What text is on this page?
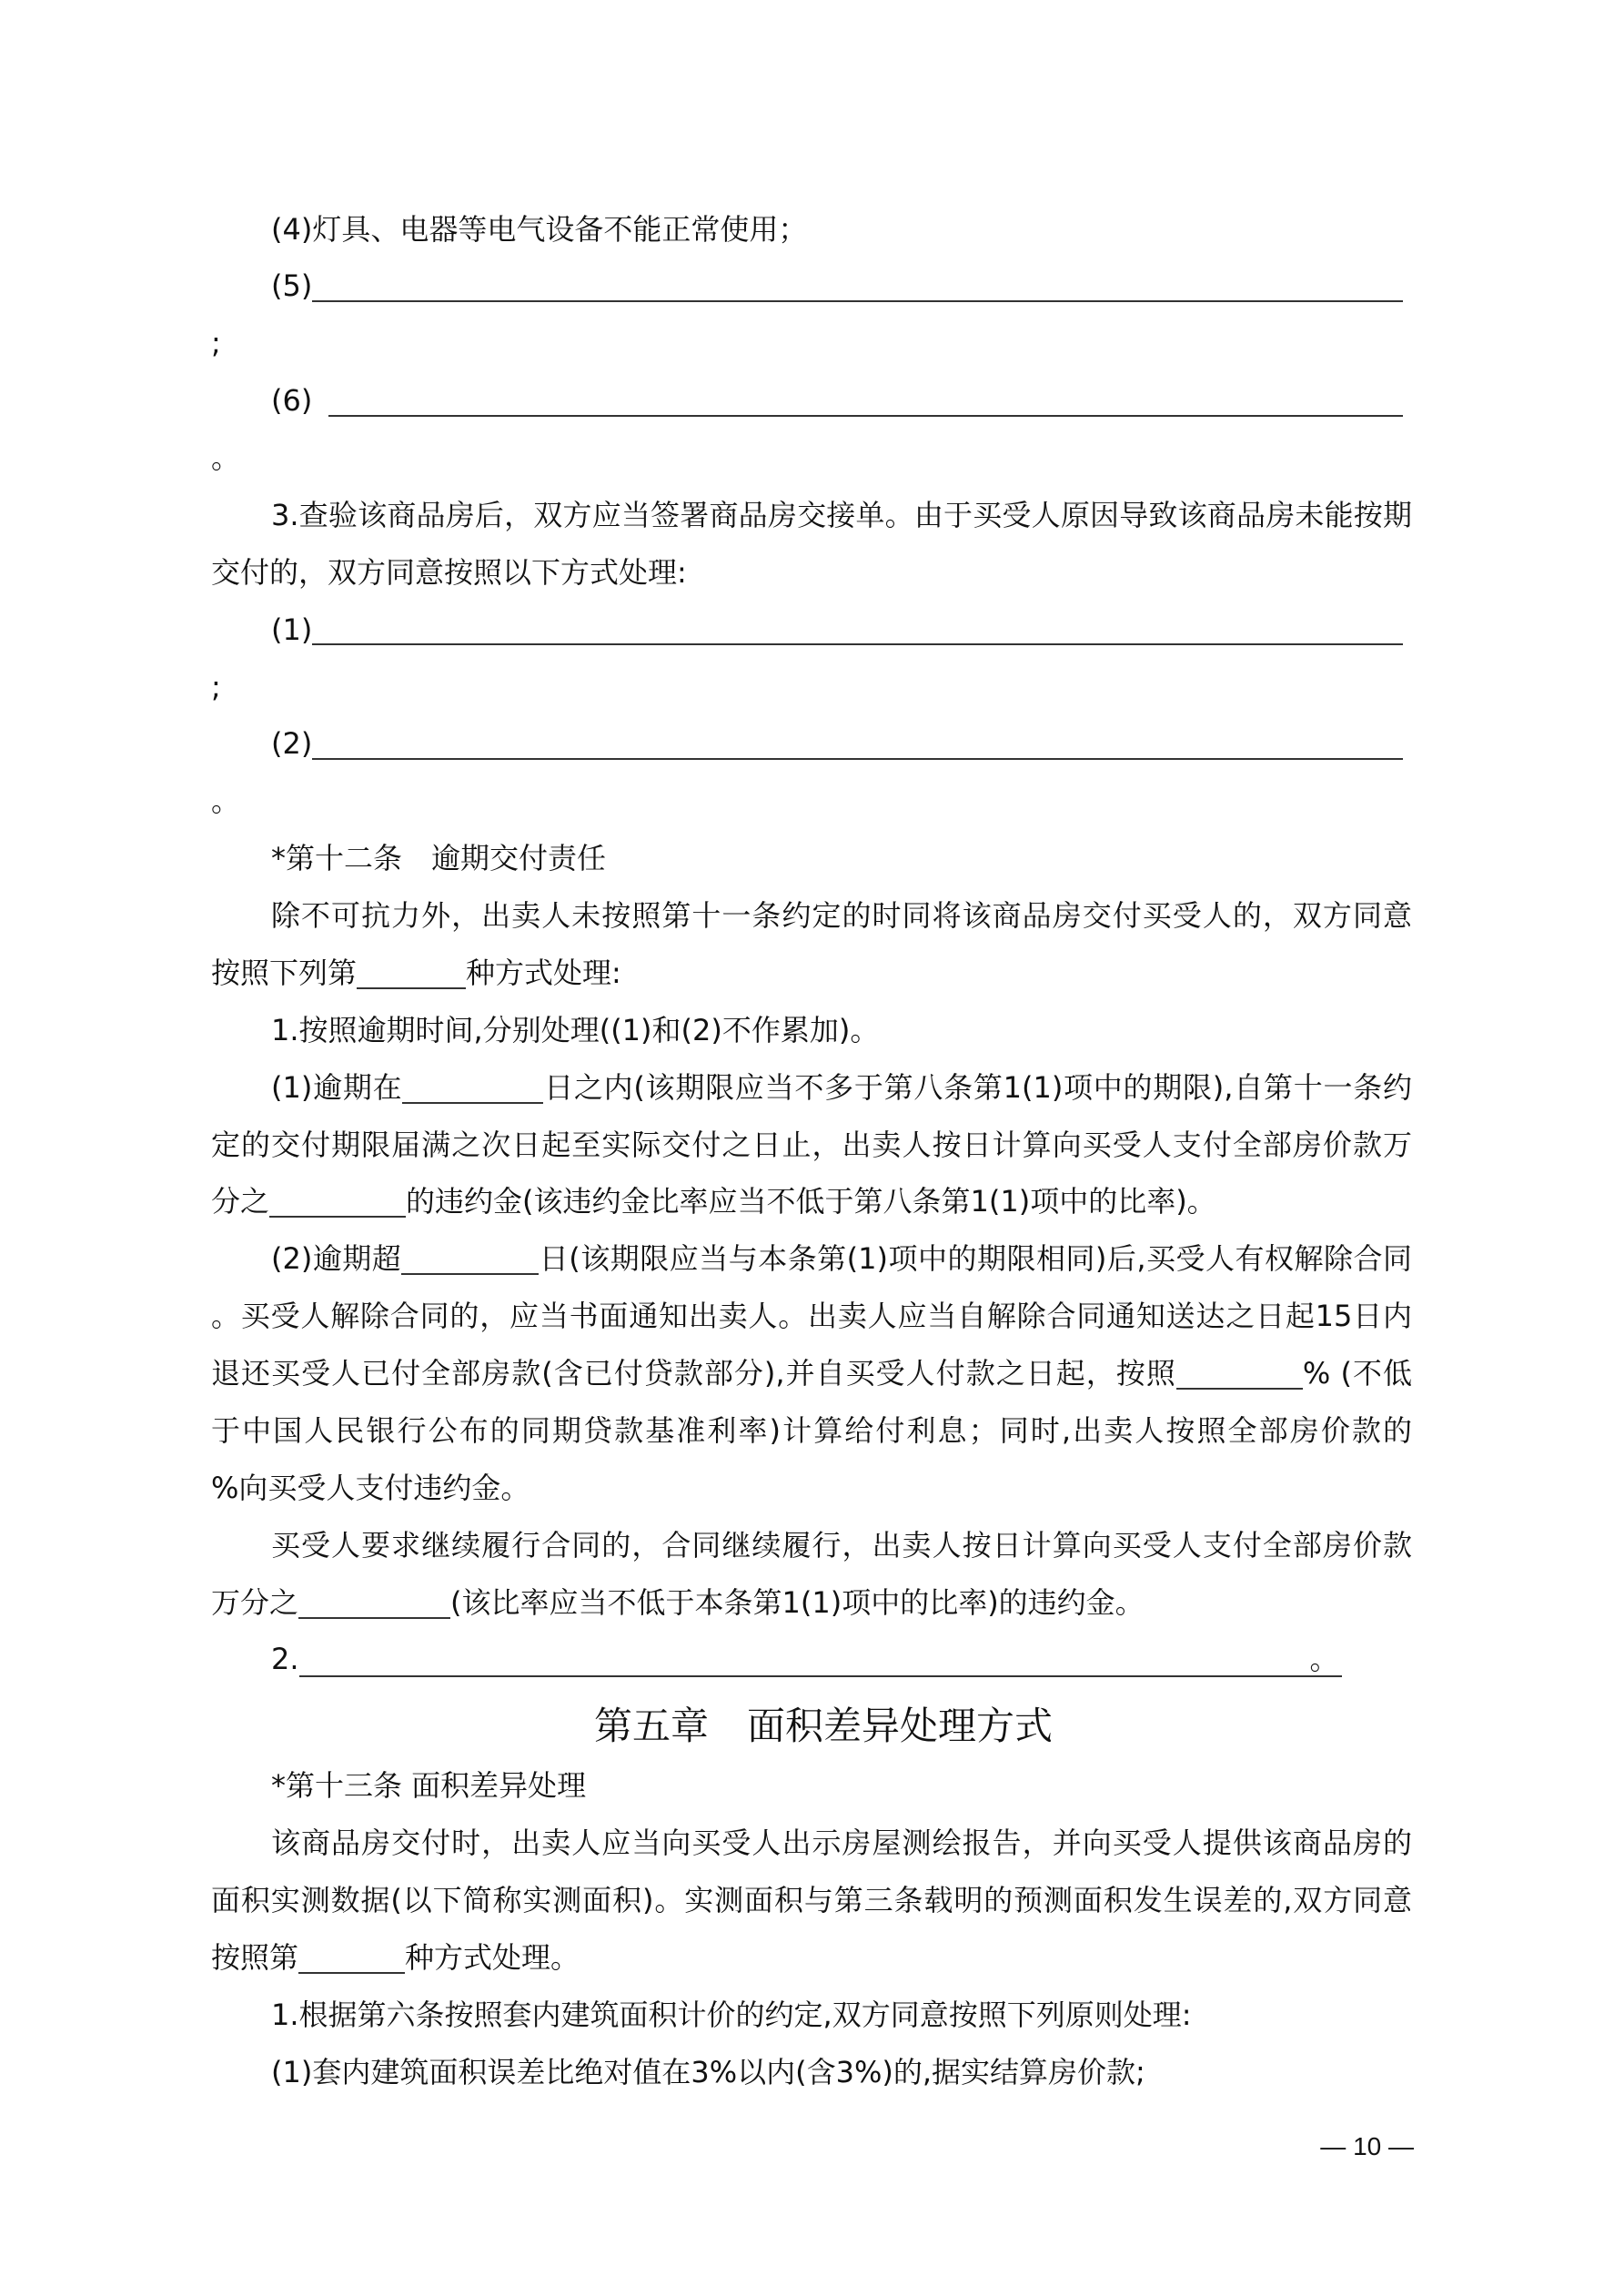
(4)灯具、电器等电气设备不能正常使用；
(5)
;
(6)
。
3.查验该商品房后，双方应当签署商品房交接单。由于买受人原因导致该商品房未能按期
交付的，双方同意按照以下方式处理:
(1)
;
(2)
。
*第十二条　逾期交付责任
除不可抗力外，出卖人未按照第十一条约定的时同将该商品房交付买受人的，双方同意
按照下列第	种方式处理:
1.按照逾期时间,分别处理((1)和(2)不作累加)。
(1)逾期在	日之内(该期限应当不多于第八条第1(1)项中的期限),自第十一条约
定的交付期限届满之次日起至实际交付之日止，出卖人按日计算向买受人支付全部房价款万
分之	的违约金(该违约金比率应当不低于第八条第1(1)项中的比率)。
(2)逾期超	日(该期限应当与本条第(1)项中的期限相同)后,买受人有权解除合同
。买受人解除合同的，应当书面通知出卖人。出卖人应当自解除合同通知送达之日起15日内
退还买受人已付全部房款(含已付贷款部分),并自买受人付款之日起，按照	% (不低
于中国人民银行公布的同期贷款基准利率)计算给付利息；同时,出卖人按照全部房价款的
%向买受人支付违约金。
买受人要求继续履行合同的，合同继续履行，出卖人按日计算向买受人支付全部房价款
万分之	(该比率应当不低于本条第1(1)项中的比率)的违约金。
2.	。
第五章　面积差异处理方式
*第十三条 面积差异处理
该商品房交付时，出卖人应当向买受人出示房屋测绘报告，并向买受人提供该商品房的
面积实测数据(以下简称实测面积)。实测面积与第三条载明的预测面积发生误差的,双方同意
按照第	种方式处理。
1.根据第六条按照套内建筑面积计价的约定,双方同意按照下列原则处理:
(1)套内建筑面积误差比绝对值在3%以内(含3%)的,据实结算房价款;
— 10 —
